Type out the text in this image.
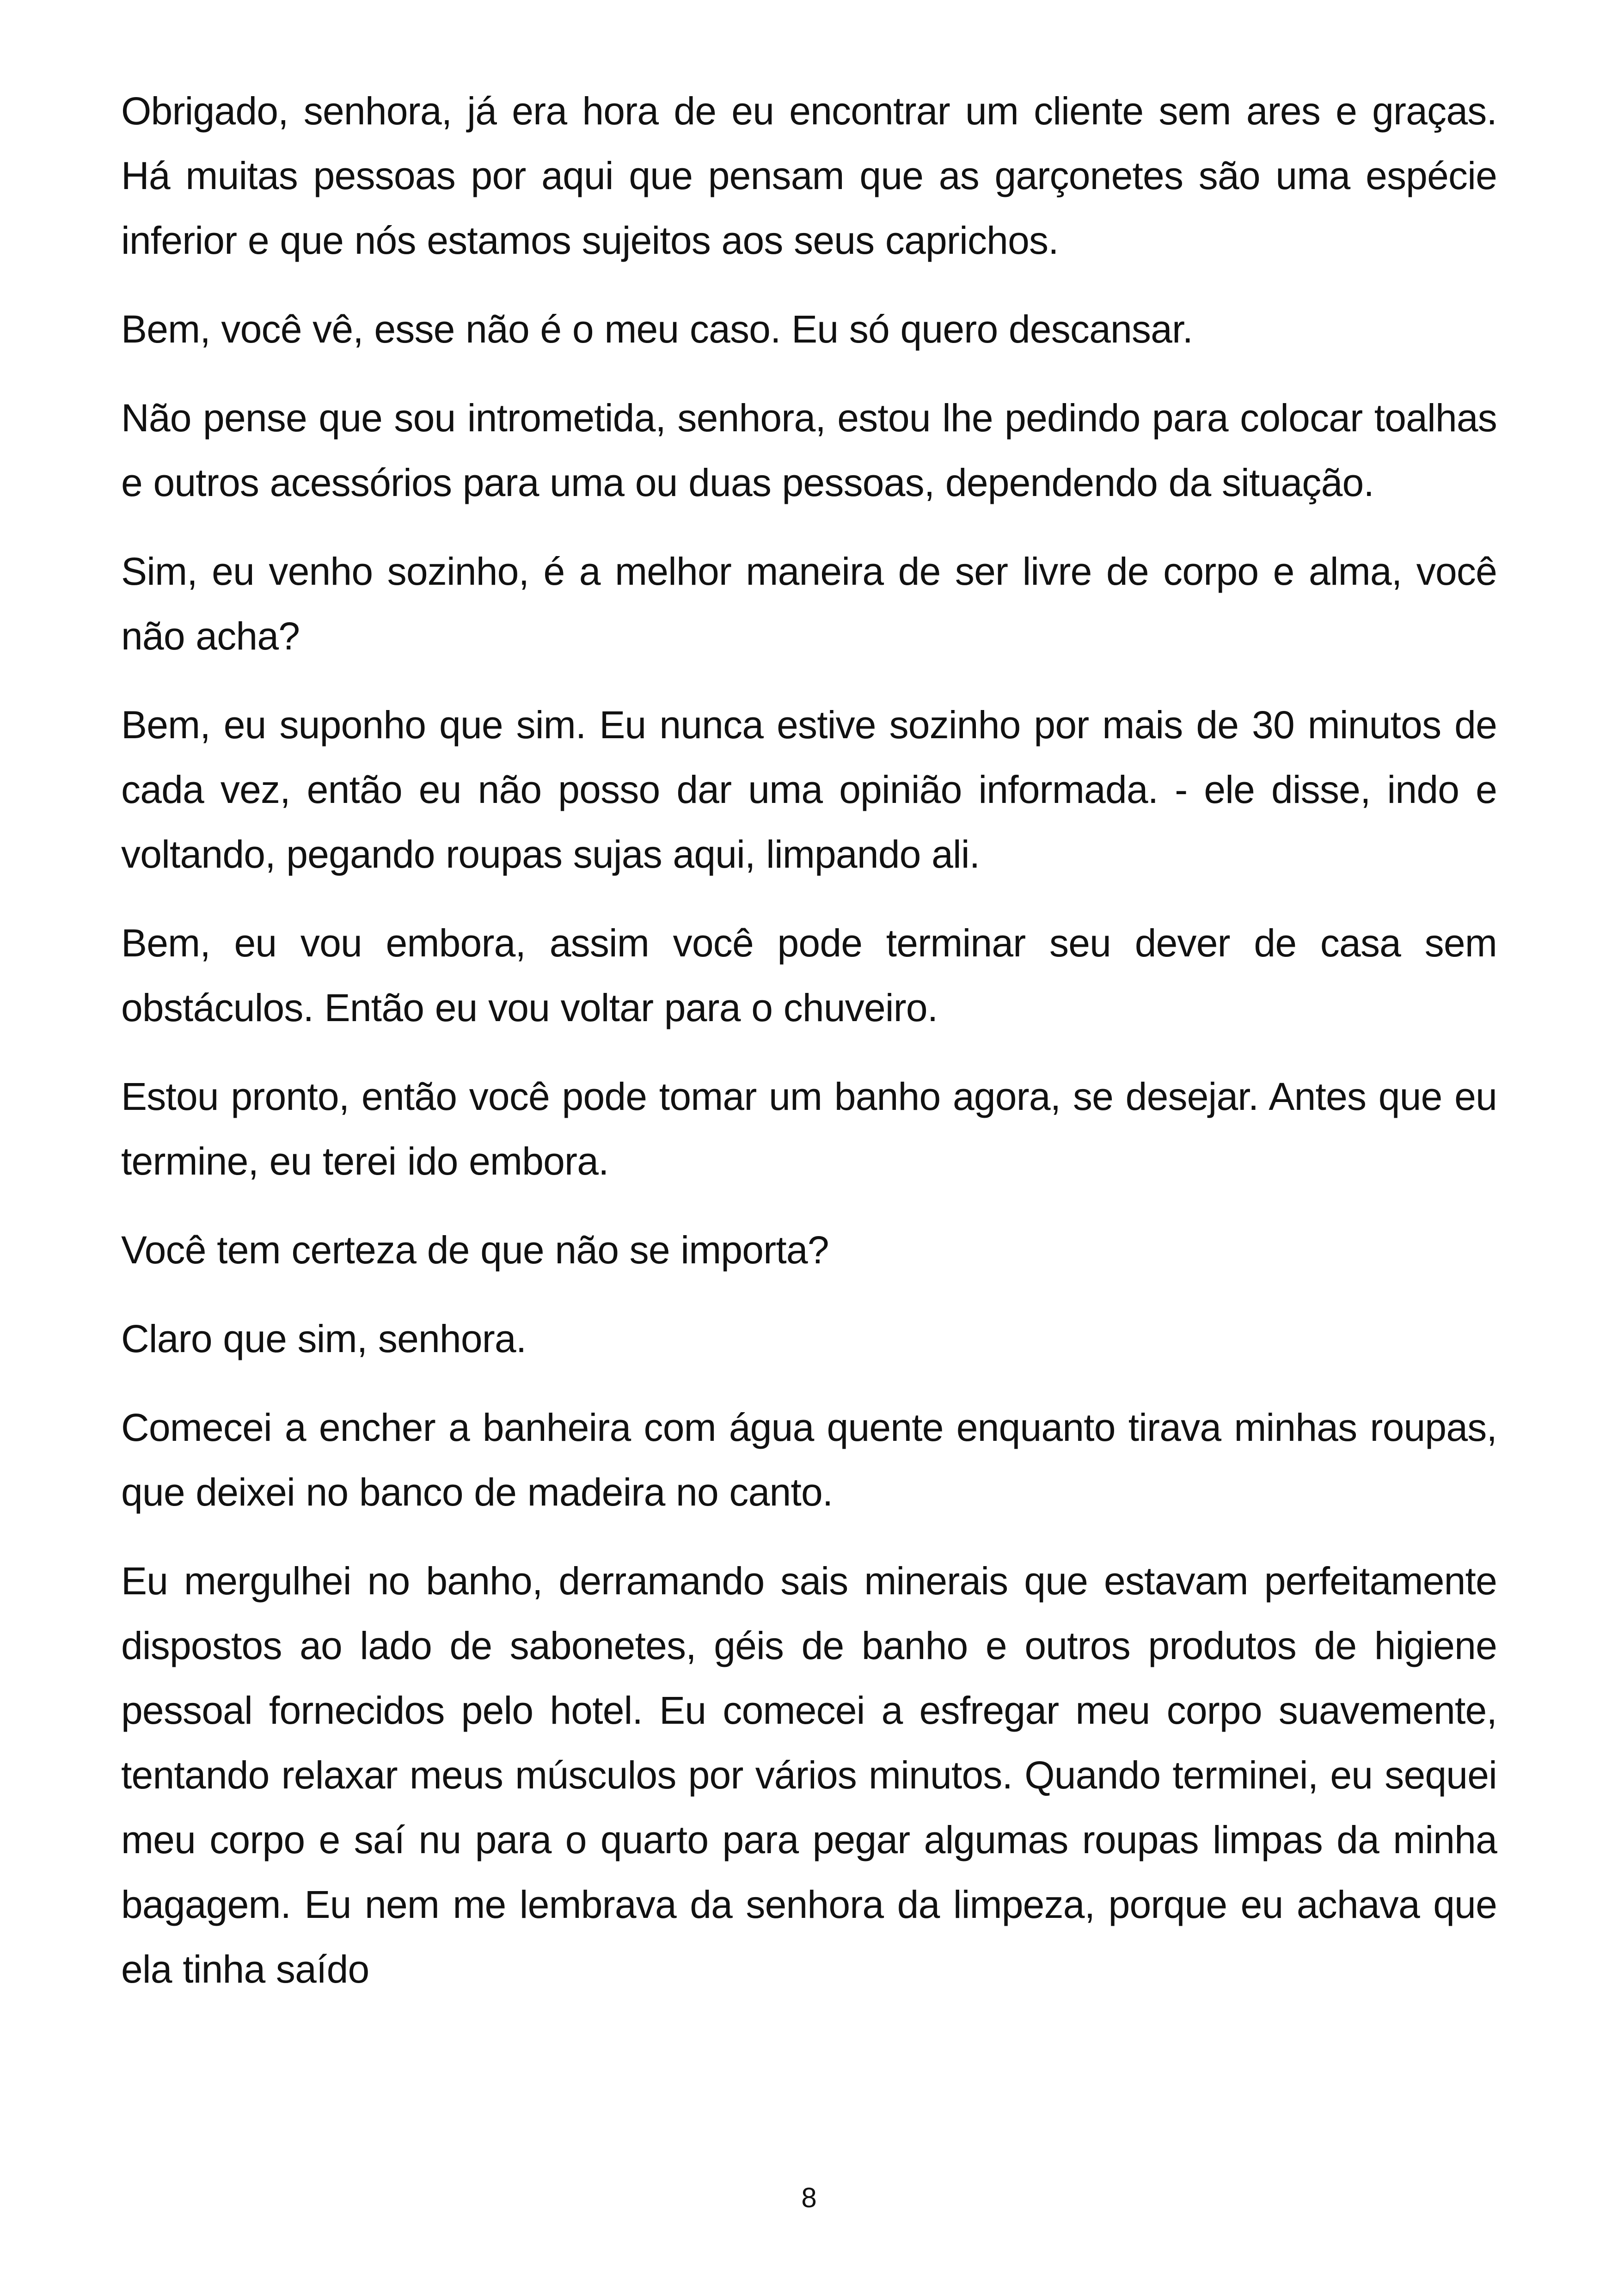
Obrigado, senhora, já era hora de eu encontrar um cliente sem ares e graças. Há muitas pessoas por aqui que pensam que as garçonetes são uma espécie inferior e que nós estamos sujeitos aos seus caprichos.

Bem, você vê, esse não é o meu caso. Eu só quero descansar.

Não pense que sou intrometida, senhora, estou lhe pedindo para colocar toalhas e outros acessórios para uma ou duas pessoas, dependendo da situação.

Sim, eu venho sozinho, é a melhor maneira de ser livre de corpo e alma, você não acha?

Bem, eu suponho que sim. Eu nunca estive sozinho por mais de 30 minutos de cada vez, então eu não posso dar uma opinião informada. - ele disse, indo e voltando, pegando roupas sujas aqui, limpando ali.

Bem, eu vou embora, assim você pode terminar seu dever de casa sem obstáculos. Então eu vou voltar para o chuveiro.

Estou pronto, então você pode tomar um banho agora, se desejar. Antes que eu termine, eu terei ido embora.

Você tem certeza de que não se importa?

Claro que sim, senhora.

Comecei a encher a banheira com água quente enquanto tirava minhas roupas, que deixei no banco de madeira no canto.

Eu mergulhei no banho, derramando sais minerais que estavam perfeitamente dispostos ao lado de sabonetes, géis de banho e outros produtos de higiene pessoal fornecidos pelo hotel. Eu comecei a esfregar meu corpo suavemente, tentando relaxar meus músculos por vários minutos. Quando terminei, eu sequei meu corpo e saí nu para o quarto para pegar algumas roupas limpas da minha bagagem. Eu nem me lembrava da senhora da limpeza, porque eu achava que ela tinha saído

8
